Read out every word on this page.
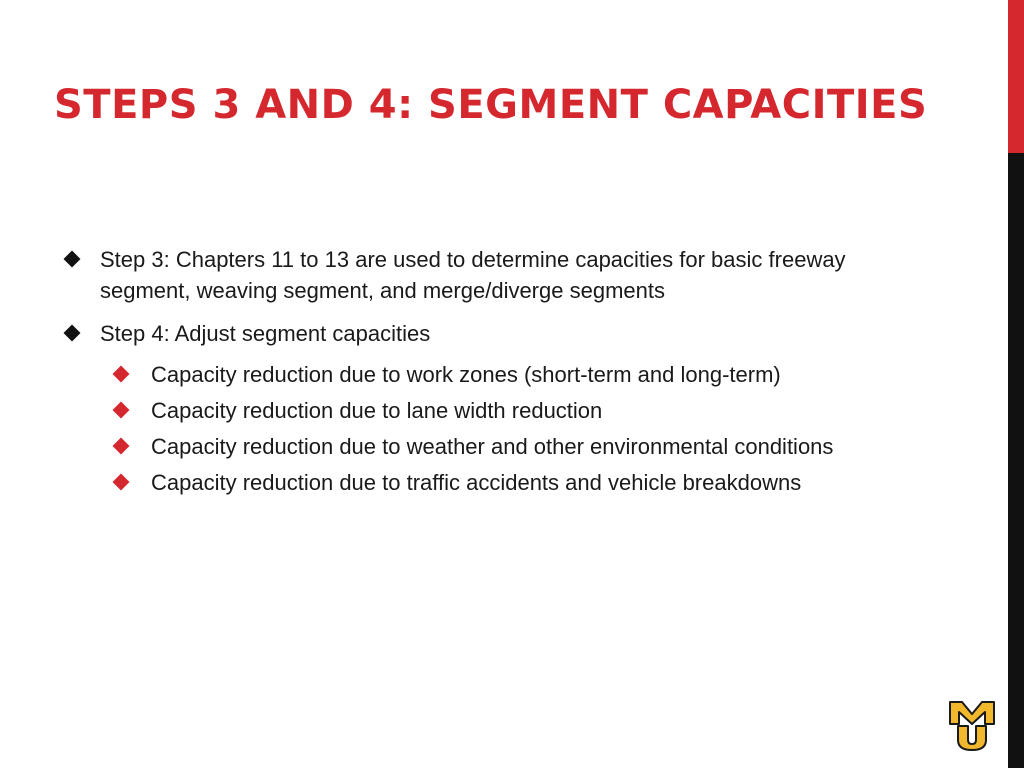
STEPS 3 AND 4: SEGMENT CAPACITIES
Step 3: Chapters 11 to 13 are used to determine capacities for basic freeway segment, weaving segment, and merge/diverge segments
Step 4: Adjust segment capacities
Capacity reduction due to work zones (short-term and long-term)
Capacity reduction due to lane width reduction
Capacity reduction due to weather and other environmental conditions
Capacity reduction due to traffic accidents and vehicle breakdowns
